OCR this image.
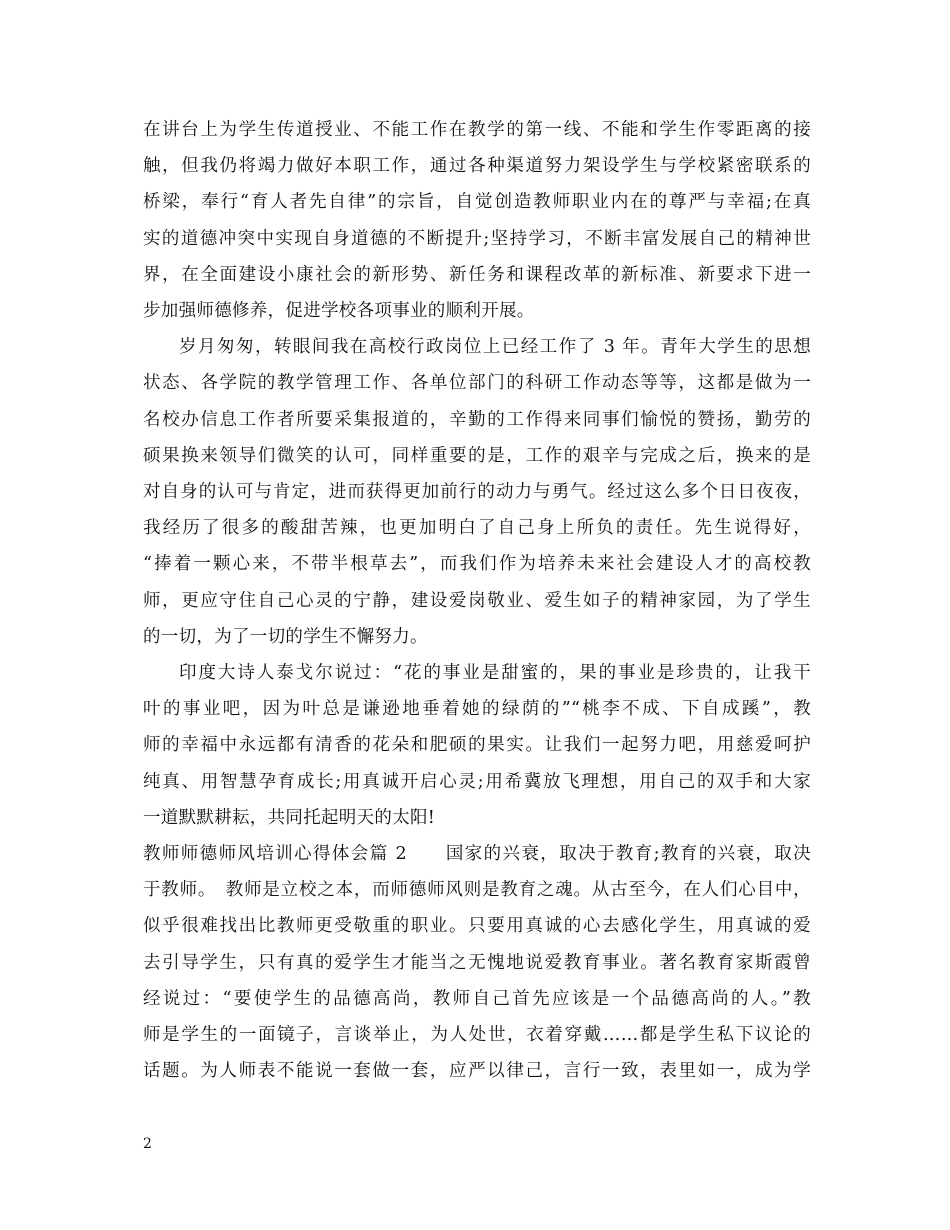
在讲台上为学生传道授业、不能工作在教学的第一线、不能和学生作零距离的接
触，但我仍将竭力做好本职工作，通过各种渠道努力架设学生与学校紧密联系的
桥梁，奉行“育人者先自律”的宗旨，自觉创造教师职业内在的尊严与幸福;在真
实的道德冲突中实现自身道德的不断提升;坚持学习，不断丰富发展自己的精神世
界，在全面建设小康社会的新形势、新任务和课程改革的新标准、新要求下进一
步加强师德修养，促进学校各项事业的顺利开展。
岁月匆匆，转眼间我在高校行政岗位上已经工作了 3 年。青年大学生的思想
状态、各学院的教学管理工作、各单位部门的科研工作动态等等，这都是做为一
名校办信息工作者所要采集报道的，辛勤的工作得来同事们愉悦的赞扬，勤劳的
硕果换来领导们微笑的认可，同样重要的是，工作的艰辛与完成之后，换来的是
对自身的认可与肯定，进而获得更加前行的动力与勇气。经过这么多个日日夜夜，
我经历了很多的酸甜苦辣，也更加明白了自己身上所负的责任。先生说得好，
“捧着一颗心来，不带半根草去”，而我们作为培养未来社会建设人才的高校教
师，更应守住自己心灵的宁静，建设爱岗敬业、爱生如子的精神家园，为了学生
的一切，为了一切的学生不懈努力。
印度大诗人泰戈尔说过：“花的事业是甜蜜的，果的事业是珍贵的，让我干
叶的事业吧，因为叶总是谦逊地垂着她的绿荫的”“桃李不成、下自成蹊”，教
师的幸福中永远都有清香的花朵和肥硕的果实。让我们一起努力吧，用慈爱呵护
纯真、用智慧孕育成长;用真诚开启心灵;用希冀放飞理想，用自己的双手和大家
一道默默耕耘，共同托起明天的太阳!
教师师德师风培训心得体会篇 2　　国家的兴衰，取决于教育;教育的兴衰，取决
于教师。　教师是立校之本，而师德师风则是教育之魂。从古至今，在人们心目中，
似乎很难找出比教师更受敬重的职业。只要用真诚的心去感化学生，用真诚的爱
去引导学生，只有真的爱学生才能当之无愧地说爱教育事业。著名教育家斯霞曾
经说过：“要使学生的品德高尚，教师自己首先应该是一个品德高尚的人。”教
师是学生的一面镜子，言谈举止，为人处世，衣着穿戴……都是学生私下议论的
话题。为人师表不能说一套做一套，应严以律己，言行一致，表里如一，成为学
2
